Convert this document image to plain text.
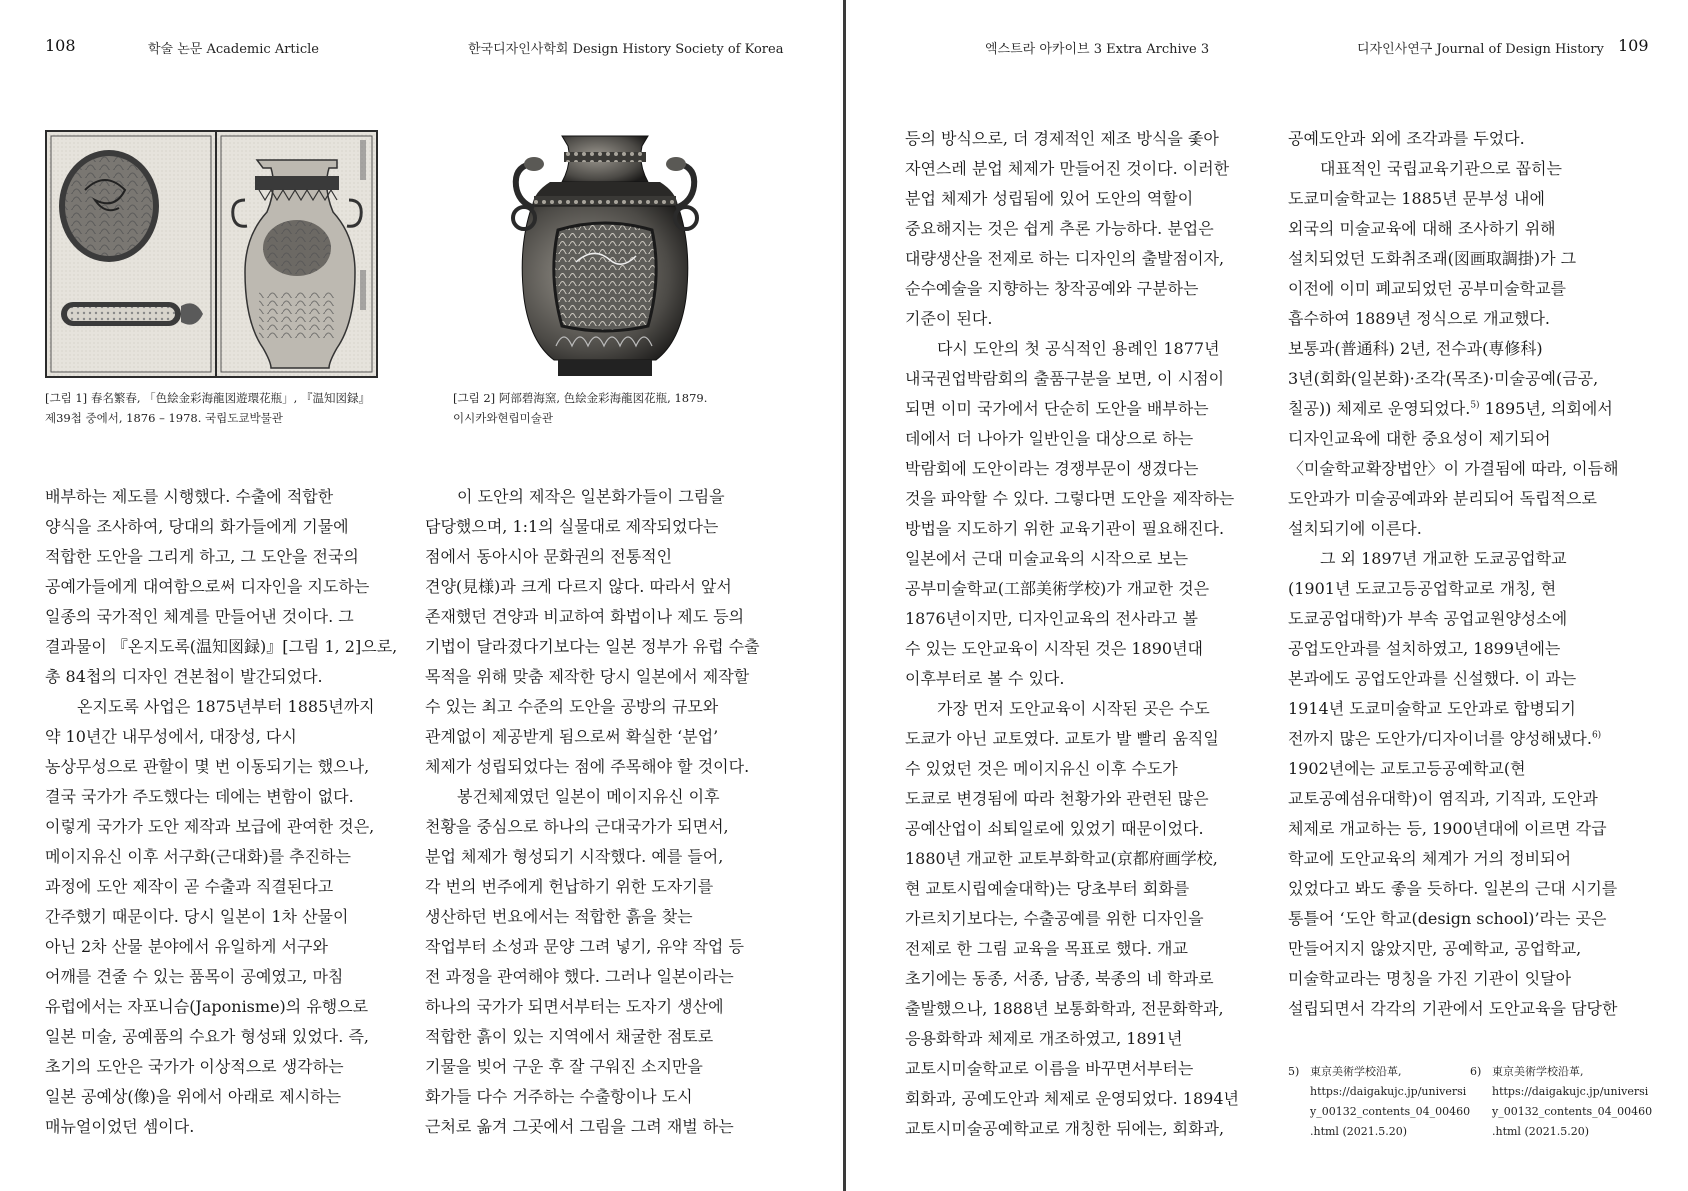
108	학술 논문 Academic Article	한국디자인사학회 Design History Society of Korea

[그림 1] 春名繁春, 「色絵金彩海龍図遊環花瓶」, 『温知図録』

제39첩 중에서, 1876 – 1978. 국립도쿄박물관

[그림 2] 阿部碧海窯, 色絵金彩海龍図花瓶, 1879.

이시카와현립미술관

배부하는 제도를 시행했다. 수출에 적합한

양식을 조사하여, 당대의 화가들에게 기물에

적합한 도안을 그리게 하고, 그 도안을 전국의

공예가들에게 대여함으로써 디자인을 지도하는

일종의 국가적인 체계를 만들어낸 것이다. 그

결과물이 『온지도록(温知図録)』[그림 1, 2]으로,

총 84첩의 디자인 견본첩이 발간되었다.

온지도록 사업은 1875년부터 1885년까지

약 10년간 내무성에서, 대장성, 다시

농상무성으로 관할이 몇 번 이동되기는 했으나,

결국 국가가 주도했다는 데에는 변함이 없다.

이렇게 국가가 도안 제작과 보급에 관여한 것은,

메이지유신 이후 서구화(근대화)를 추진하는

과정에 도안 제작이 곧 수출과 직결된다고

간주했기 때문이다. 당시 일본이 1차 산물이

아닌 2차 산물 분야에서 유일하게 서구와

어깨를 견줄 수 있는 품목이 공예였고, 마침

유럽에서는 자포니슴(Japonisme)의 유행으로

일본 미술, 공예품의 수요가 형성돼 있었다. 즉,

초기의 도안은 국가가 이상적으로 생각하는

일본 공예상(像)을 위에서 아래로 제시하는

매뉴얼이었던 셈이다.

이 도안의 제작은 일본화가들이 그림을

담당했으며, 1:1의 실물대로 제작되었다는

점에서 동아시아 문화권의 전통적인

견양(見様)과 크게 다르지 않다. 따라서 앞서

존재했던 견양과 비교하여 화법이나 제도 등의

기법이 달라졌다기보다는 일본 정부가 유럽 수출

목적을 위해 맞춤 제작한 당시 일본에서 제작할

수 있는 최고 수준의 도안을 공방의 규모와

관계없이 제공받게 됨으로써 확실한 ‘분업’

체제가 성립되었다는 점에 주목해야 할 것이다.

봉건체제였던 일본이 메이지유신 이후

천황을 중심으로 하나의 근대국가가 되면서,

분업 체제가 형성되기 시작했다. 예를 들어,

각 번의 번주에게 헌납하기 위한 도자기를

생산하던 번요에서는 적합한 흙을 찾는

작업부터 소성과 문양 그려 넣기, 유약 작업 등

전 과정을 관여해야 했다. 그러나 일본이라는

하나의 국가가 되면서부터는 도자기 생산에

적합한 흙이 있는 지역에서 채굴한 점토로

기물을 빚어 구운 후 잘 구워진 소지만을

화가들 다수 거주하는 수출항이나 도시

근처로 옮겨 그곳에서 그림을 그려 재벌 하는

엑스트라 아카이브 3 Extra Archive 3	디자인사연구 Journal of Design History 109

등의 방식으로, 더 경제적인 제조 방식을 좇아

자연스레 분업 체제가 만들어진 것이다. 이러한

분업 체제가 성립됨에 있어 도안의 역할이

중요해지는 것은 쉽게 추론 가능하다. 분업은

대량생산을 전제로 하는 디자인의 출발점이자,

순수예술을 지향하는 창작공예와 구분하는

기준이 된다.

다시 도안의 첫 공식적인 용례인 1877년

내국권업박람회의 출품구분을 보면, 이 시점이

되면 이미 국가에서 단순히 도안을 배부하는

데에서 더 나아가 일반인을 대상으로 하는

박람회에 도안이라는 경쟁부문이 생겼다는

것을 파악할 수 있다. 그렇다면 도안을 제작하는

방법을 지도하기 위한 교육기관이 필요해진다.

일본에서 근대 미술교육의 시작으로 보는

공부미술학교(工部美術学校)가 개교한 것은

1876년이지만, 디자인교육의 전사라고 볼

수 있는 도안교육이 시작된 것은 1890년대

이후부터로 볼 수 있다.

가장 먼저 도안교육이 시작된 곳은 수도

도쿄가 아닌 교토였다. 교토가 발 빨리 움직일

수 있었던 것은 메이지유신 이후 수도가

도쿄로 변경됨에 따라 천황가와 관련된 많은

공예산업이 쇠퇴일로에 있었기 때문이었다.

1880년 개교한 교토부화학교(京都府画学校,

현 교토시립예술대학)는 당초부터 회화를

가르치기보다는, 수출공예를 위한 디자인을

전제로 한 그림 교육을 목표로 했다. 개교

초기에는 동종, 서종, 남종, 북종의 네 학과로

출발했으나, 1888년 보통화학과, 전문화학과,

응용화학과 체제로 개조하였고, 1891년

교토시미술학교로 이름을 바꾸면서부터는

회화과, 공예도안과 체제로 운영되었다. 1894년

교토시미술공예학교로 개칭한 뒤에는, 회화과,

공예도안과 외에 조각과를 두었다.

대표적인 국립교육기관으로 꼽히는

도쿄미술학교는 1885년 문부성 내에

외국의 미술교육에 대해 조사하기 위해

설치되었던 도화취조괘(図画取調掛)가 그

이전에 이미 폐교되었던 공부미술학교를

흡수하여 1889년 정식으로 개교했다.

보통과(普通科) 2년, 전수과(専修科)

3년(회화(일본화)·조각(목조)·미술공예(금공,

칠공)) 체제로 운영되었다.$^{5)}$ 1895년, 의회에서

디자인교육에 대한 중요성이 제기되어

〈미술학교확장법안〉이 가결됨에 따라, 이듬해

도안과가 미술공예과와 분리되어 독립적으로

설치되기에 이른다.

그 외 1897년 개교한 도쿄공업학교

(1901년 도쿄고등공업학교로 개칭, 현

도쿄공업대학)가 부속 공업교원양성소에

공업도안과를 설치하였고, 1899년에는

본과에도 공업도안과를 신설했다. 이 과는

1914년 도쿄미술학교 도안과로 합병되기

전까지 많은 도안가/디자이너를 양성해냈다.$^{6)}$

1902년에는 교토고등공예학교(현

교토공예섬유대학)이 염직과, 기직과, 도안과

체제로 개교하는 등, 1900년대에 이르면 각급

학교에 도안교육의 체계가 거의 정비되어

있었다고 봐도 좋을 듯하다. 일본의 근대 시기를

통틀어 ‘도안 학교(design school)’라는 곳은

만들어지지 않았지만, 공예학교, 공업학교,

미술학교라는 명칭을 가진 기관이 잇달아

설립되면서 각각의 기관에서 도안교육을 담당한

5) 東京美術学校沿革,

https://daigakujc.jp/universi

y_00132_contents_04_00460

.html (2021.5.20)

6) 東京美術学校沿革,

https://daigakujc.jp/universi

y_00132_contents_04_00460

.html (2021.5.20)
